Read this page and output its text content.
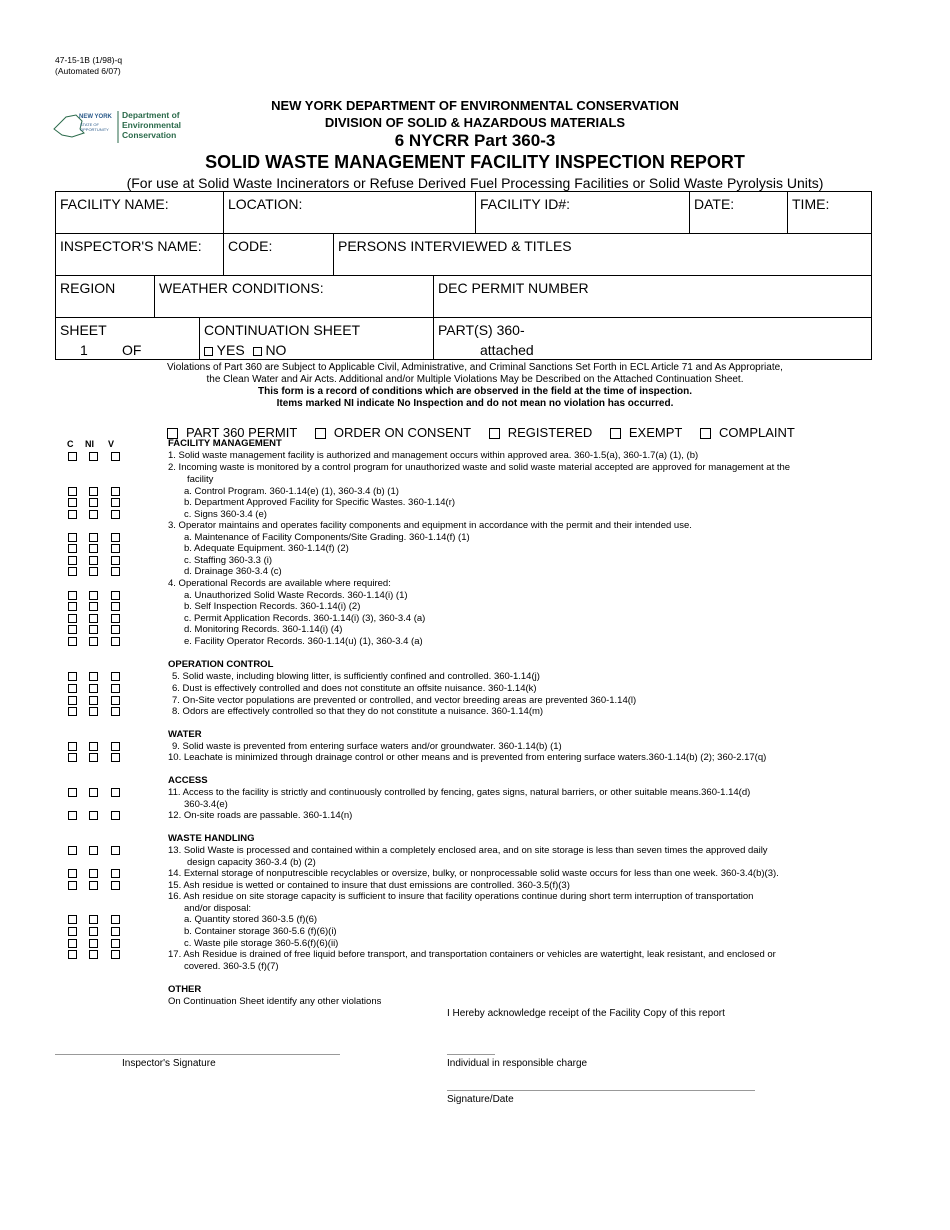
47-15-1B (1/98)-q
(Automated 6/07)
NEW YORK
STATE OF
OPPORTUNITY
Department of
Environmental
Conservation
NEW YORK DEPARTMENT OF ENVIRONMENTAL CONSERVATION
DIVISION OF SOLID & HAZARDOUS MATERIALS
6 NYCRR Part 360-3
SOLID WASTE MANAGEMENT FACILITY INSPECTION REPORT
(For use at Solid Waste Incinerators or Refuse Derived Fuel Processing Facilities or Solid Waste Pyrolysis Units)
FACILITY NAME:	LOCATION:	FACILITY ID#:	DATE:	TIME:
INSPECTOR'S NAME:	CODE:	PERSONS INTERVIEWED & TITLES
REGION	WEATHER CONDITIONS:	DEC PERMIT NUMBER
SHEET
1 OF
CONTINUATION SHEET
YES NO
PART(S) 360-
attached
Violations of Part 360 are Subject to Applicable Civil, Administrative, and Criminal Sanctions Set Forth in ECL Article 71 and As Appropriate,
the Clean Water and Air Acts. Additional and/or Multiple Violations May be Described on the Attached Continuation Sheet.
This form is a record of conditions which are observed in the field at the time of inspection.
Items marked NI indicate No Inspection and do not mean no violation has occurred.
PART 360 PERMIT	ORDER ON CONSENT	REGISTERED	EXEMPT	COMPLAINT
C NI V	FACILITY MANAGEMENT
OPERATION CONTROL
WATER
ACCESS
WASTE HANDLING
OTHER
1. Solid waste management facility is authorized and management occurs within approved area. 360-1.5(a), 360-1.7(a) (1), (b)
2. Incoming waste is monitored by a control program for unauthorized waste and solid waste material accepted are approved for management at the
facility
a. Control Program. 360-1.14(e) (1), 360-3.4 (b) (1)
b. Department Approved Facility for Specific Wastes. 360-1.14(r)
c. Signs 360-3.4 (e)
3. Operator maintains and operates facility components and equipment in accordance with the permit and their intended use.
a. Maintenance of Facility Components/Site Grading. 360-1.14(f) (1)
b. Adequate Equipment. 360-1.14(f) (2)
c. Staffing 360-3.3 (i)
d. Drainage 360-3.4 (c)
4. Operational Records are available where required:
a. Unauthorized Solid Waste Records. 360-1.14(i) (1)
b. Self Inspection Records. 360-1.14(i) (2)
c. Permit Application Records. 360-1.14(i) (3), 360-3.4 (a)
d. Monitoring Records. 360-1.14(i) (4)
e. Facility Operator Records. 360-1.14(u) (1), 360-3.4 (a)
5. Solid waste, including blowing litter, is sufficiently confined and controlled. 360-1.14(j)
6. Dust is effectively controlled and does not constitute an offsite nuisance. 360-1.14(k)
7. On-Site vector populations are prevented or controlled, and vector breeding areas are prevented 360-1.14(l)
8. Odors are effectively controlled so that they do not constitute a nuisance. 360-1.14(m)
9. Solid waste is prevented from entering surface waters and/or groundwater. 360-1.14(b) (1)
10. Leachate is minimized through drainage control or other means and is prevented from entering surface waters.360-1.14(b) (2); 360-2.17(q)
11. Access to the facility is strictly and continuously controlled by fencing, gates signs, natural barriers, or other suitable means.360-1.14(d)
360-3.4(e)
12. On-site roads are passable. 360-1.14(n)
13. Solid Waste is processed and contained within a completely enclosed area, and on site storage is less than seven times the approved daily
design capacity 360-3.4 (b) (2)
14. External storage of nonputrescible recyclables or oversize, bulky, or nonprocessable solid waste occurs for less than one week. 360-3.4(b)(3).
15. Ash residue is wetted or contained to insure that dust emissions are controlled. 360-3.5(f)(3)
16. Ash residue on site storage capacity is sufficient to insure that facility operations continue during short term interruption of transportation
and/or disposal:
a. Quantity stored 360-3.5 (f)(6)
b. Container storage 360-5.6 (f)(6)(i)
c. Waste pile storage 360-5.6(f)(6)(ii)
17. Ash Residue is drained of free liquid before transport, and transportation containers or vehicles are watertight, leak resistant, and enclosed or
covered. 360-3.5 (f)(7)
On Continuation Sheet identify any other violations
I Hereby acknowledge receipt of the Facility Copy of this report
Inspector's Signature	Individual in responsible charge
Signature/Date
